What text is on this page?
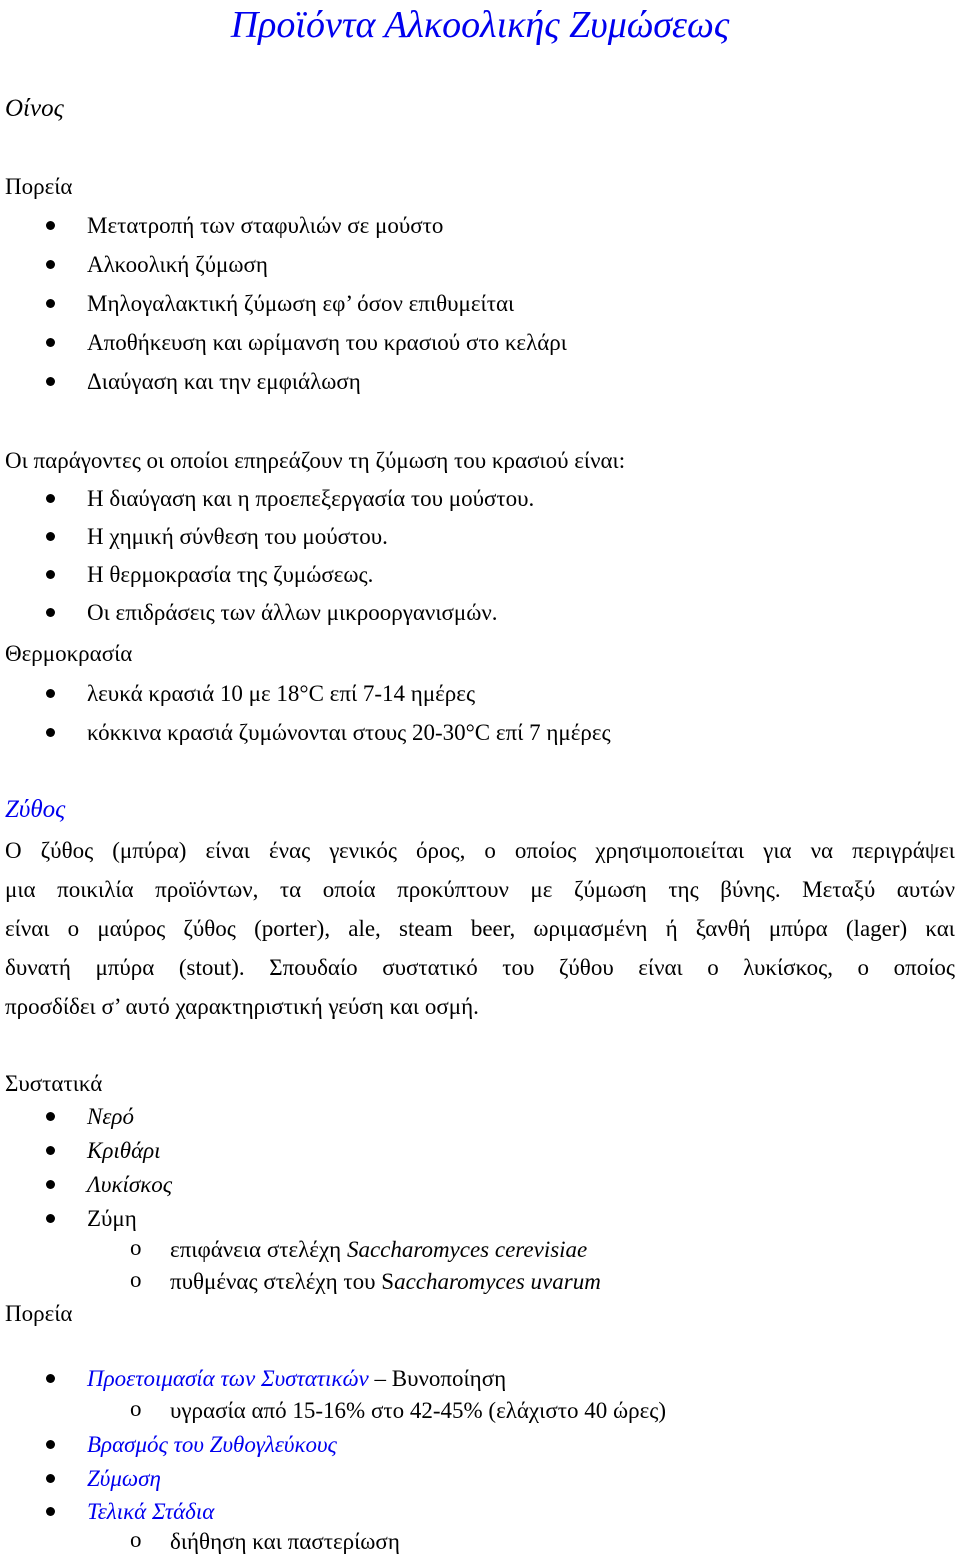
Προϊόντα Αλκοολικής Ζυμώσεως
Οίνος
Πορεία
Μετατροπή των σταφυλιών σε μούστο
Αλκοολική ζύμωση
Μηλογαλακτική ζύμωση εφ’ όσον επιθυμείται
Αποθήκευση και ωρίμανση του κρασιού στο κελάρι
Διαύγαση και την εμφιάλωση
Οι παράγοντες οι οποίοι επηρεάζουν τη ζύμωση του κρασιού είναι:
Η διαύγαση και η προεπεξεργασία του μούστου.
Η χημική σύνθεση του μούστου.
Η θερμοκρασία της ζυμώσεως.
Οι επιδράσεις των άλλων μικροοργανισμών.
Θερμοκρασία
λευκά κρασιά 10 με 18°C επί 7-14 ημέρες
κόκκινα κρασιά ζυμώνονται στους 20-30°C επί 7 ημέρες
Ζύθος
Ο ζύθος (μπύρα) είναι ένας γενικός όρος, ο οποίος χρησιμοποιείται για να περιγράψει
μια ποικιλία προϊόντων, τα οποία προκύπτουν με ζύμωση της βύνης. Μεταξύ αυτών
είναι ο μαύρος ζύθος (porter), ale, steam beer, ωριμασμένη ή ξανθή μπύρα (lager) και
δυνατή μπύρα (stout). Σπουδαίο συστατικό του ζύθου είναι ο λυκίσκος, ο οποίος
προσδίδει σ’ αυτό χαρακτηριστική γεύση και οσμή.
Συστατικά
Νερό
Κριθάρι
Λυκίσκος
Ζύμη
o επιφάνεια στελέχη Saccharomyces cerevisiae
o πυθμένας στελέχη του Saccharomyces uvarum
Πορεία
Προετοιμασία των Συστατικών – Βυνοποίηση
o υγρασία από 15-16% στο 42-45% (ελάχιστο 40 ώρες)
Βρασμός του Ζυθογλεύκους
Ζύμωση
Τελικά Στάδια
o διήθηση και παστερίωση
